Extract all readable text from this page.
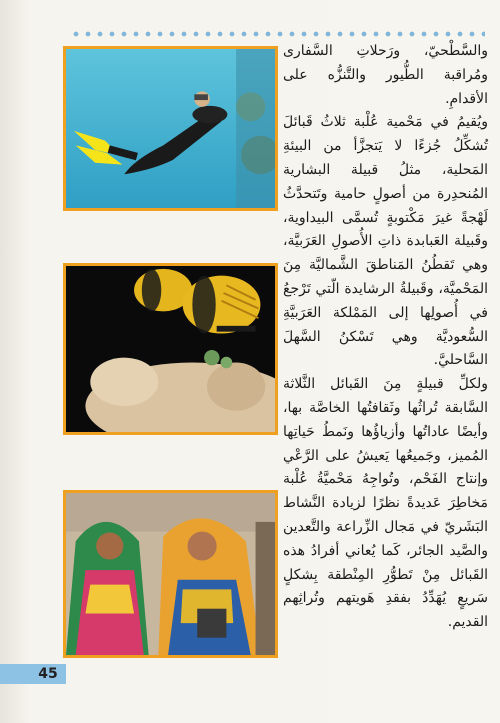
والسَّطْحيّ، ورَحلاتِ السَّفارى ومُراقبة الطُّيور والتَّنزُّه على الأقدامِ.

ويُقيمُ في مَحْمية عُلْبة ثلاثُ قَبائلَ تُشكِّلُ جُزءًا لا يَتجزَّأ من البيئةِ المَحلية، مثلُ قبيلة البشارية المُنحدِرة من أصولٍ حامية وتَتحدَّثُ لَهْجةً غيرَ مَكْتوبةٍ تُسمَّى البيداوية، وقَبيلة العَبابدة ذاتِ الأُصولِ العَرَبيَّة، وهي تَقطُنُ المَناطقَ الشَّماليَّة مِنَ المَحْميَّة، وقَبيلةُ الرشايدة الّتي تَرْجعُ في أُصولِها إلى المَمْلكة العَرَبيَّةِ السُّعوديَّة وهي تَسْكنُ السَّهلَ السَّاحليَّ.

ولكلِّ قبيلةٍ مِنَ القَبائل الثَّلاثة السَّابقة تُراثُها وثَقافتُها الخاصَّة بها، وأيضًا عاداتُها وأزياؤُها ونَمطُ حَياتِها المُميز، وجَميعُها يَعيشُ على الرَّعْي وإنتاج الفَحْم، وتُواجِهُ مَحْميَّةُ عُلْبة مَخاطِرَ عَديدةً نظرًا لزيادة النَّشاط البَشَريّ في مَجال الزِّراعة والتَّعدين والصَّيد الجائر، كَما يُعاني أفرادُ هذه القَبائل مِنْ تَطوُّرِ المِنْطقة بِشكلٍ سَريعٍ يُهَدِّدُ بفقدِ هَويتهم وتُراثِهم القديم.

45
